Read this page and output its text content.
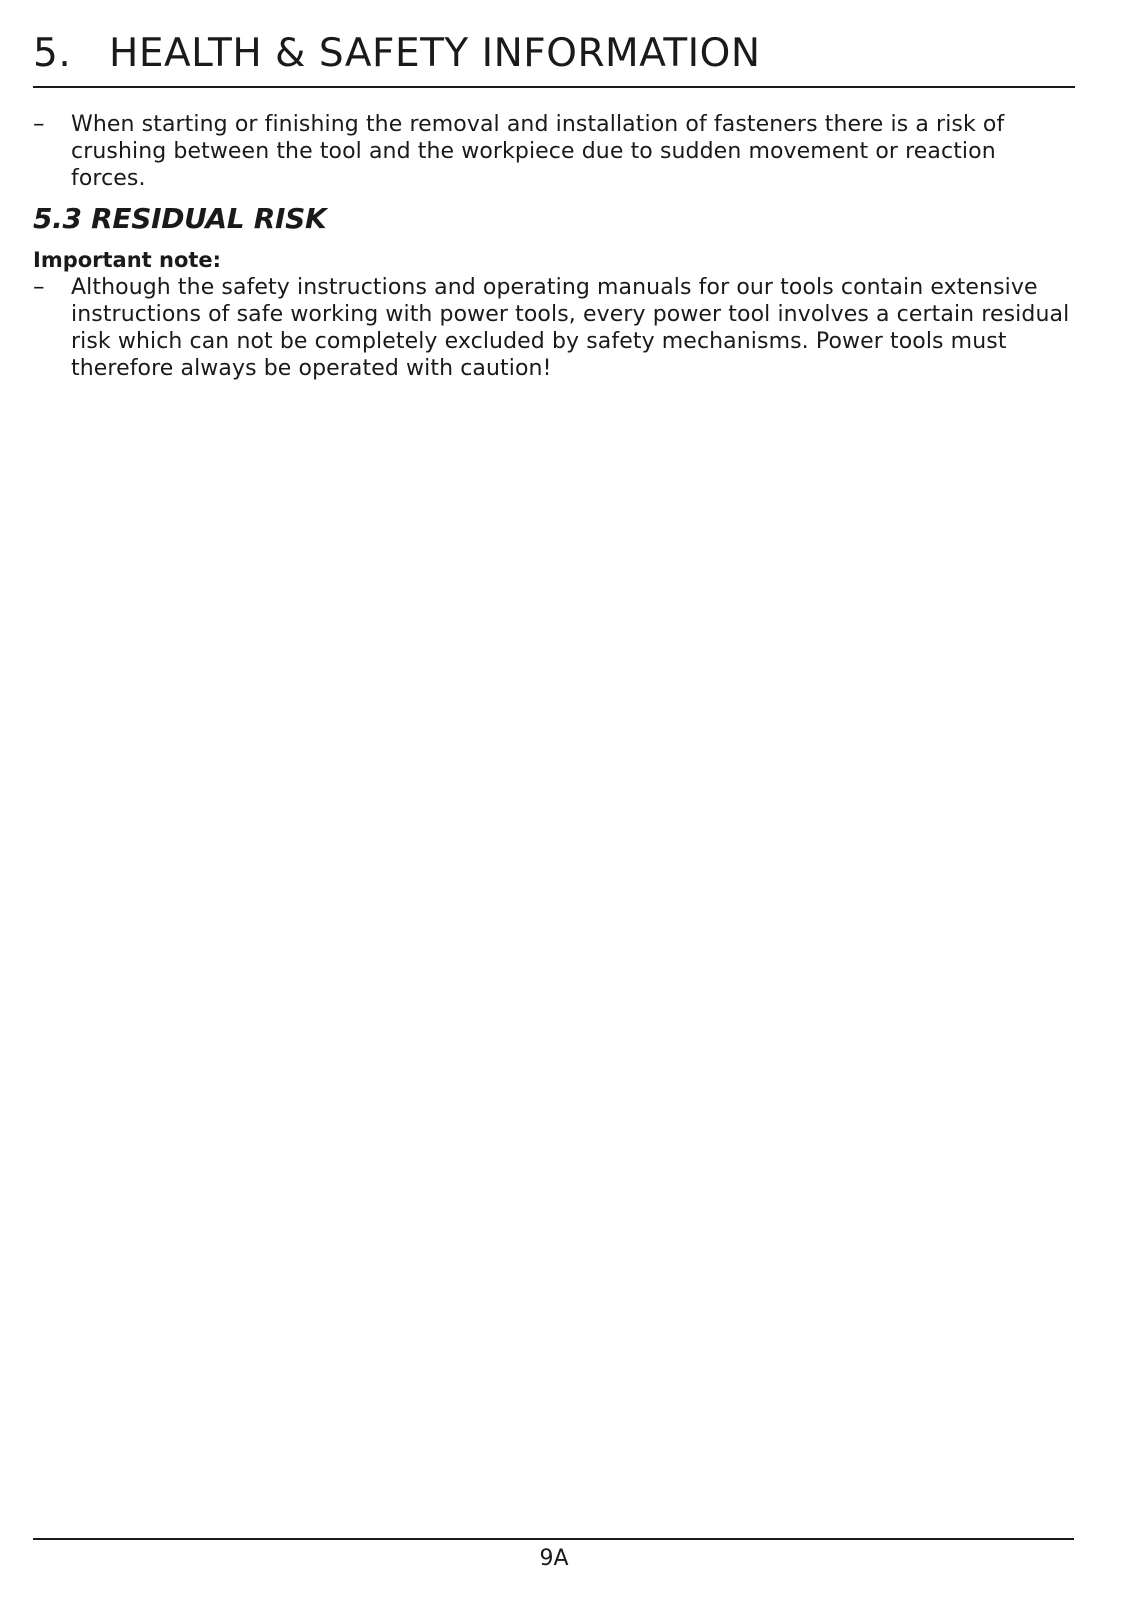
5. HEALTH & SAFETY INFORMATION
– When starting or finishing the removal and installation of fasteners there is a risk of crushing between the tool and the workpiece due to sudden movement or reaction forces.
5.3 RESIDUAL RISK
Important note:
– Although the safety instructions and operating manuals for our tools contain extensive instructions of safe working with power tools, every power tool involves a certain residual risk which can not be completely excluded by safety mechanisms. Power tools must therefore always be operated with caution!
9A
